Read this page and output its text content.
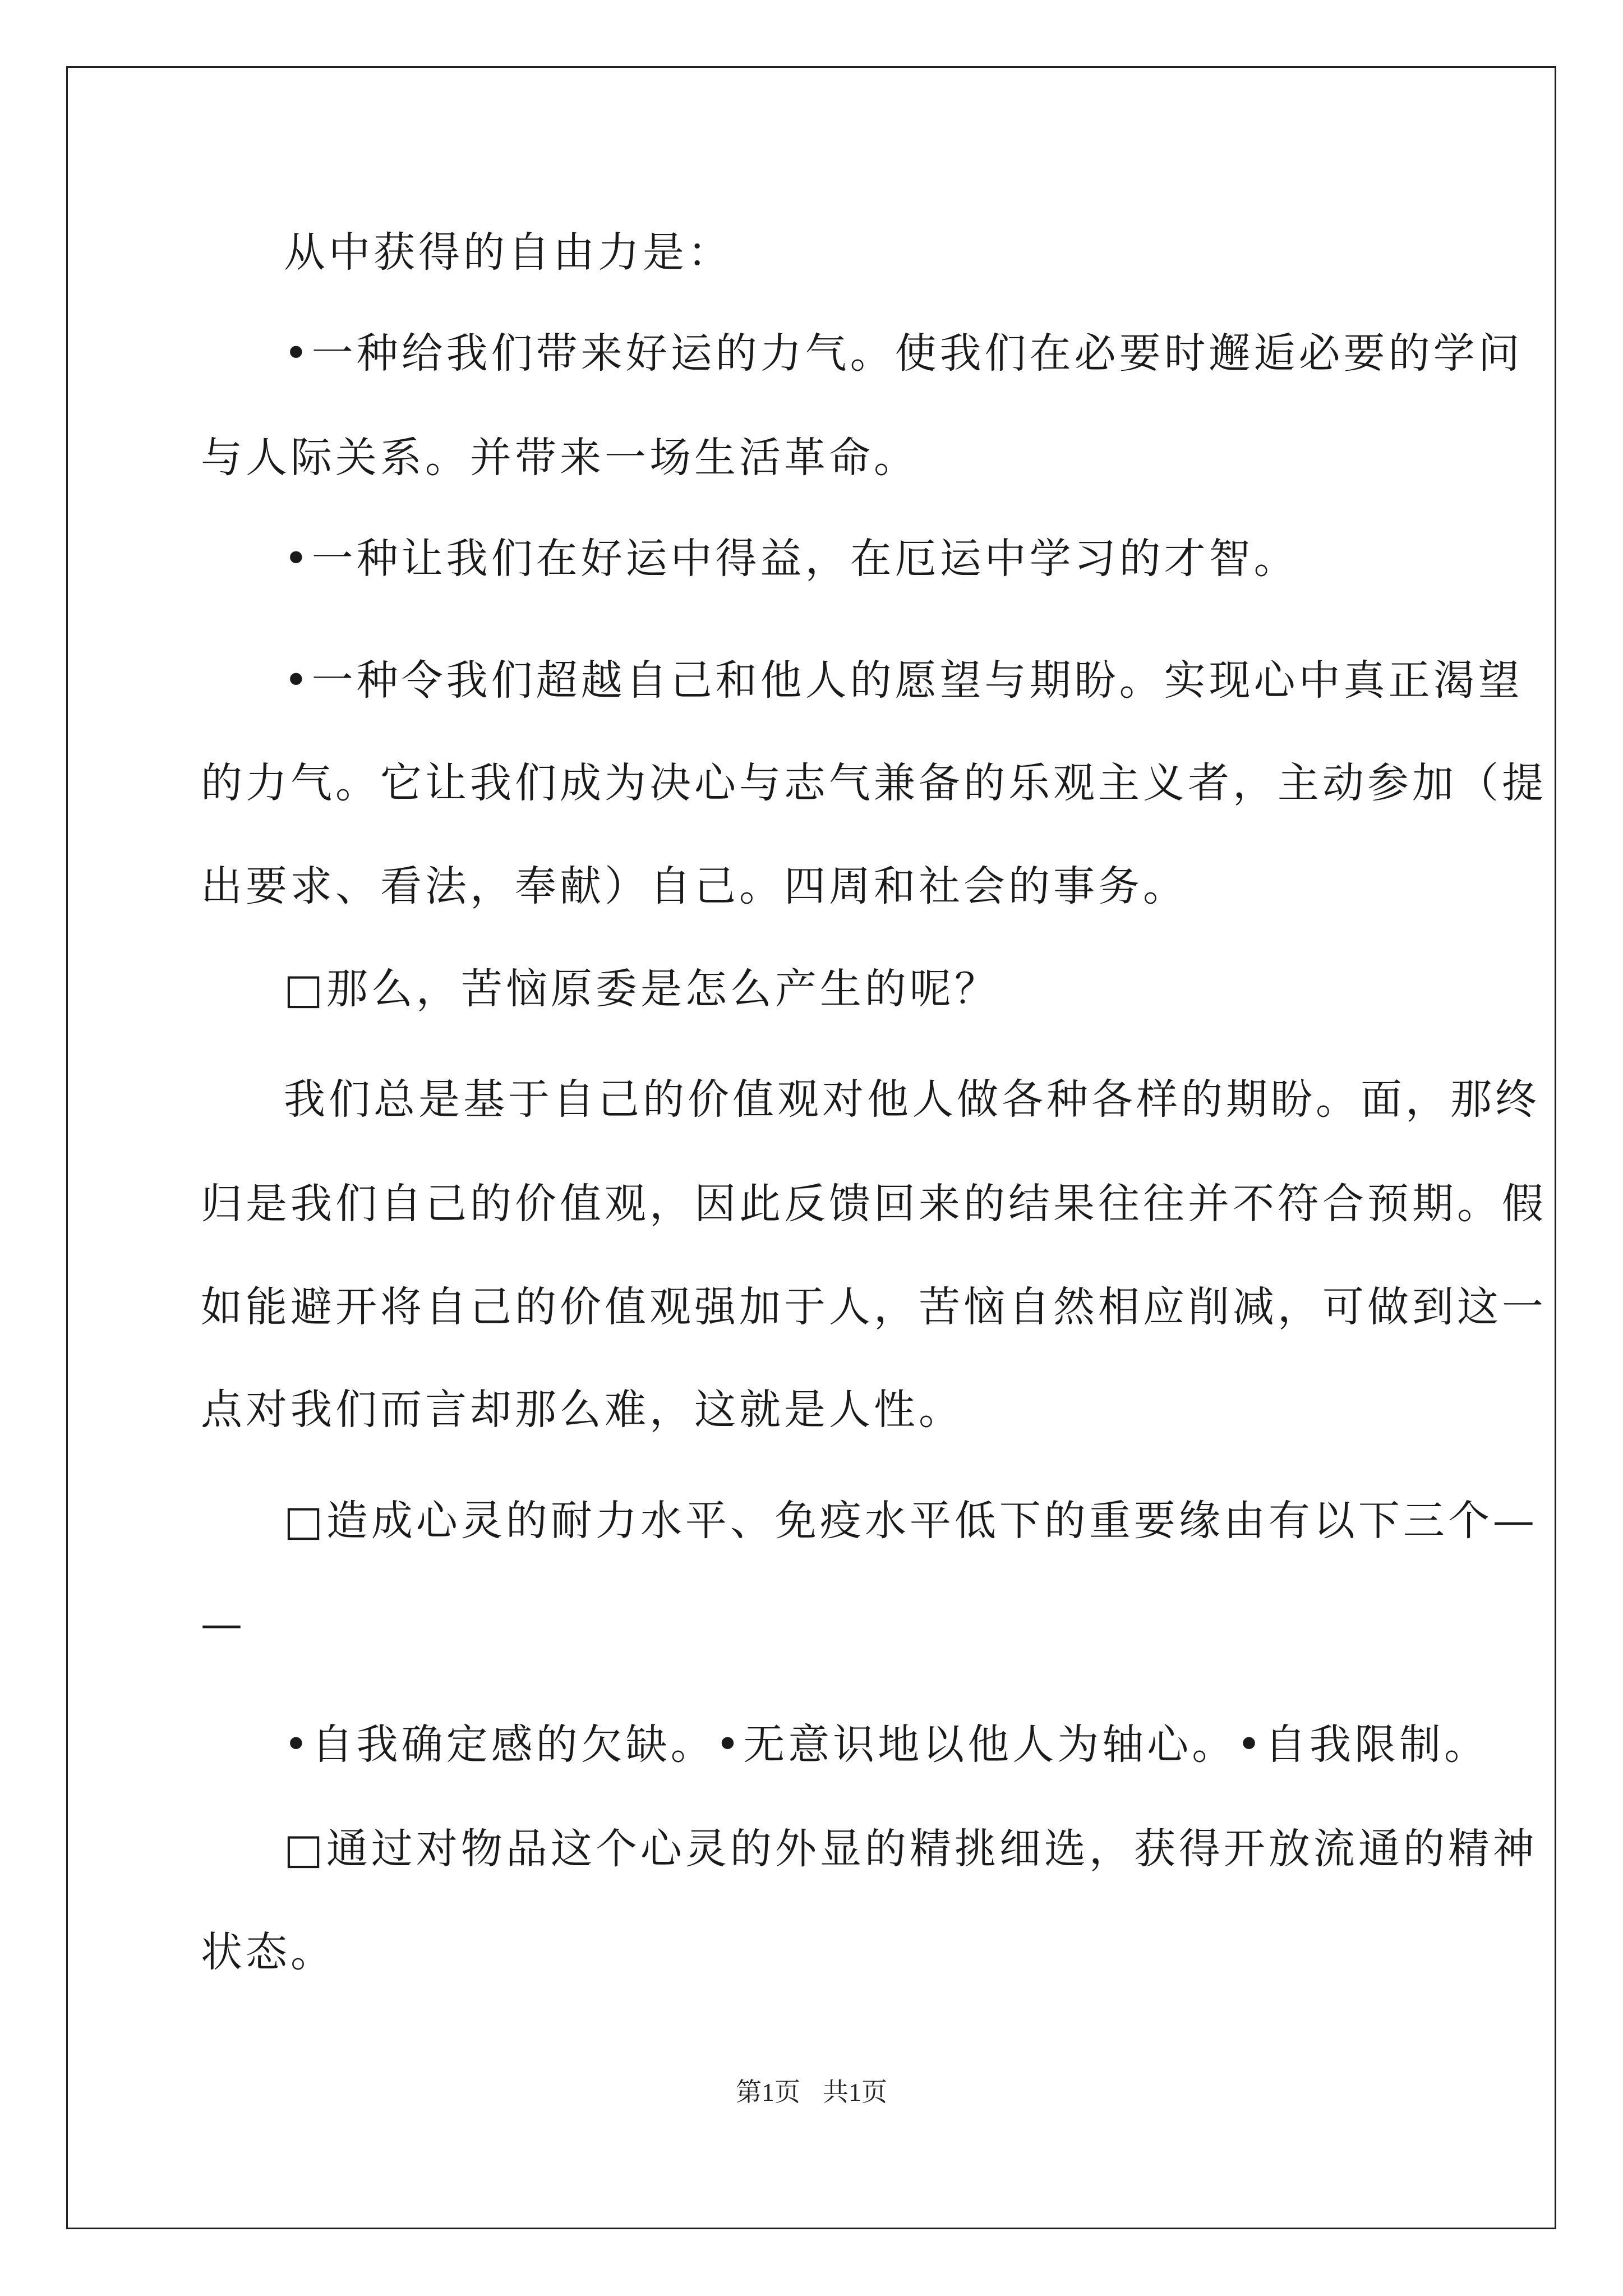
从中获得的自由力是：
•一种给我们带来好运的力气。使我们在必要时邂逅必要的学问
与人际关系。并带来一场生活革命。
•一种让我们在好运中得益，在厄运中学习的才智。
•一种令我们超越自己和他人的愿望与期盼。实现心中真正渴望
的力气。它让我们成为决心与志气兼备的乐观主义者，主动参加（提
出要求、看法，奉献）自己。四周和社会的事务。
□那么，苦恼原委是怎么产生的呢？
我们总是基于自己的价值观对他人做各种各样的期盼。面，那终
归是我们自己的价值观，因此反馈回来的结果往往并不符合预期。假
如能避开将自己的价值观强加于人，苦恼自然相应削减，可做到这一
点对我们而言却那么难，这就是人性。
□造成心灵的耐力水平、免疫水平低下的重要缘由有以下三个—
—
•自我确定感的欠缺。•无意识地以他人为轴心。•自我限制。
□通过对物品这个心灵的外显的精挑细选，获得开放流通的精神
状态。
第1页 共1页
